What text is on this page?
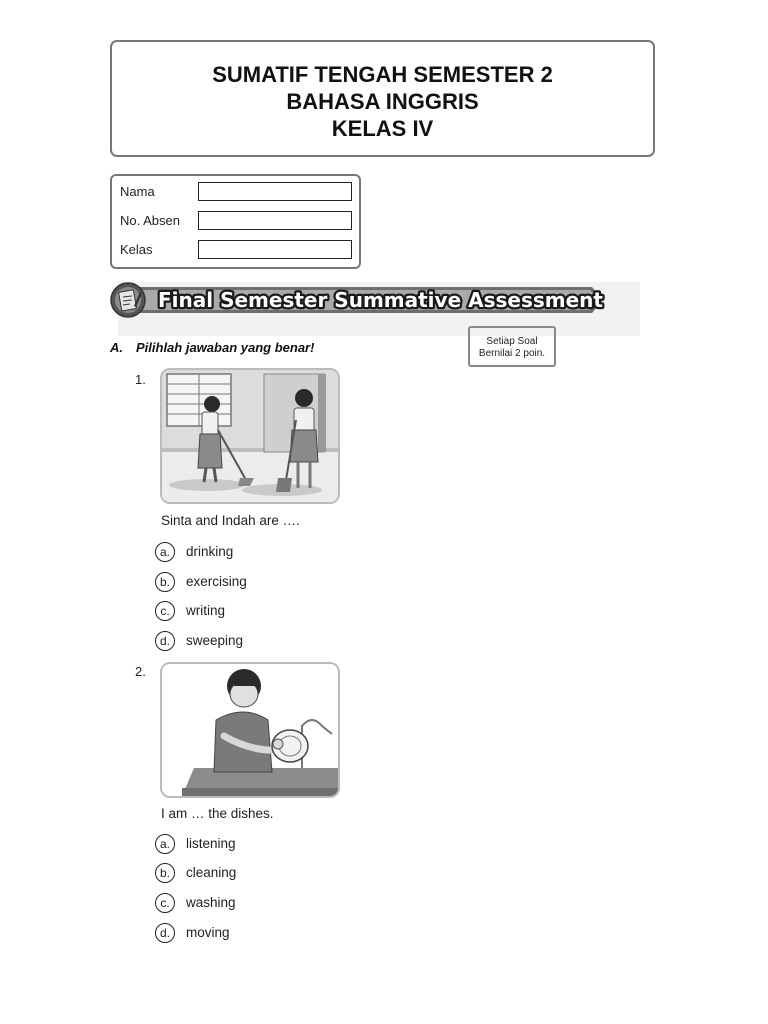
SUMATIF TENGAH SEMESTER 2
BAHASA INGGRIS
KELAS IV
Nama
No. Absen
Kelas
Final Semester Summative Assessment
A. Pilihlah jawaban yang benar!	Setiap Soal
Bernilai 2 poin.
1.
Sinta and Indah are ….
a.	drinking
b.	exercising
c.	writing
d.	sweeping
2.
I am … the dishes.
a.	listening
b.	cleaning
c.	washing
d.	moving
